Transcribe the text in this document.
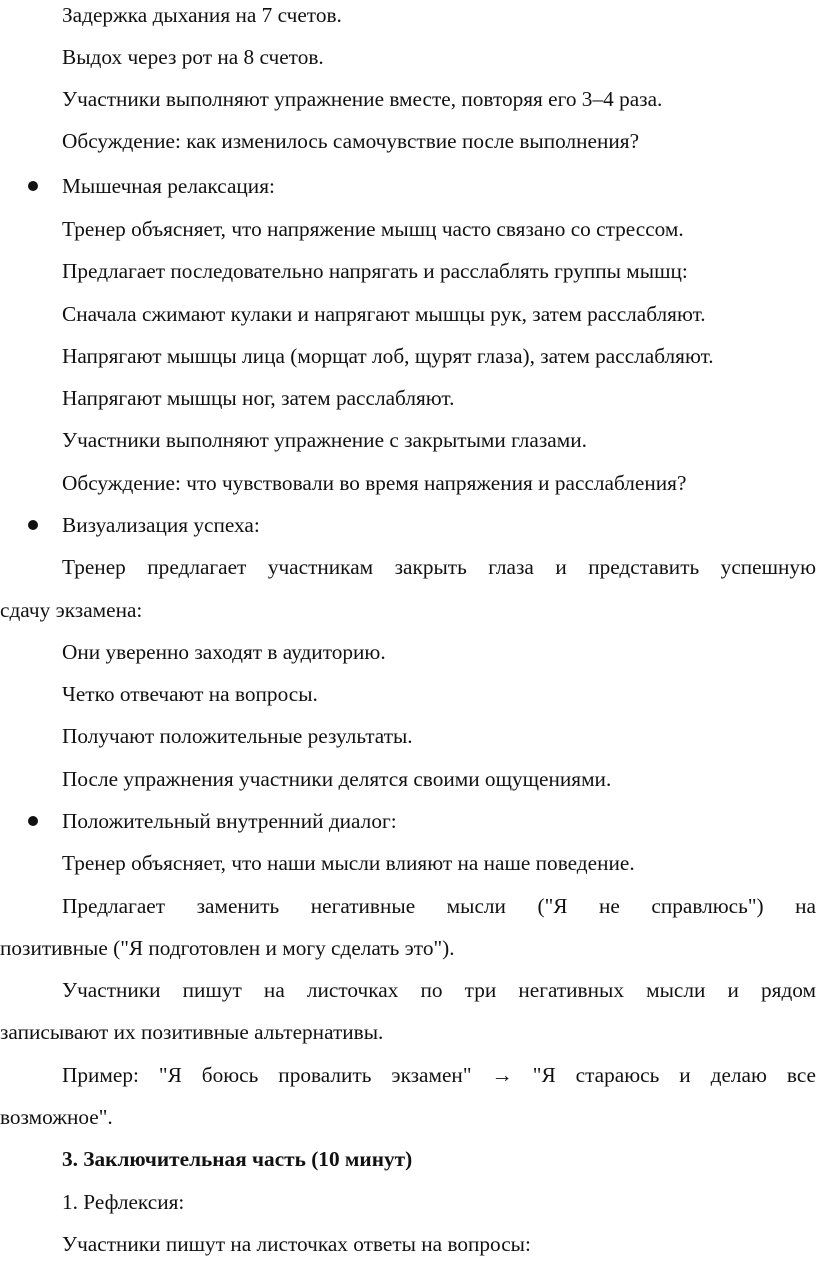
Задержка дыхания на 7 счетов.
Выдох через рот на 8 счетов.
Участники выполняют упражнение вместе, повторяя его 3–4 раза.
Обсуждение: как изменилось самочувствие после выполнения?
Мышечная релаксация:
Тренер объясняет, что напряжение мышц часто связано со стрессом.
Предлагает последовательно напрягать и расслаблять группы мышц:
Сначала сжимают кулаки и напрягают мышцы рук, затем расслабляют.
Напрягают мышцы лица (морщат лоб, щурят глаза), затем расслабляют.
Напрягают мышцы ног, затем расслабляют.
Участники выполняют упражнение с закрытыми глазами.
Обсуждение: что чувствовали во время напряжения и расслабления?
Визуализация успеха:
Тренер предлагает участникам закрыть глаза и представить успешную
сдачу экзамена:
Они уверенно заходят в аудиторию.
Четко отвечают на вопросы.
Получают положительные результаты.
После упражнения участники делятся своими ощущениями.
Положительный внутренний диалог:
Тренер объясняет, что наши мысли влияют на наше поведение.
Предлагает заменить негативные мысли ("Я не справлюсь") на
позитивные ("Я подготовлен и могу сделать это").
Участники пишут на листочках по три негативных мысли и рядом
записывают их позитивные альтернативы.
Пример: "Я боюсь провалить экзамен" → "Я стараюсь и делаю все
возможное".
3. Заключительная часть (10 минут)
1. Рефлексия:
Участники пишут на листочках ответы на вопросы:
